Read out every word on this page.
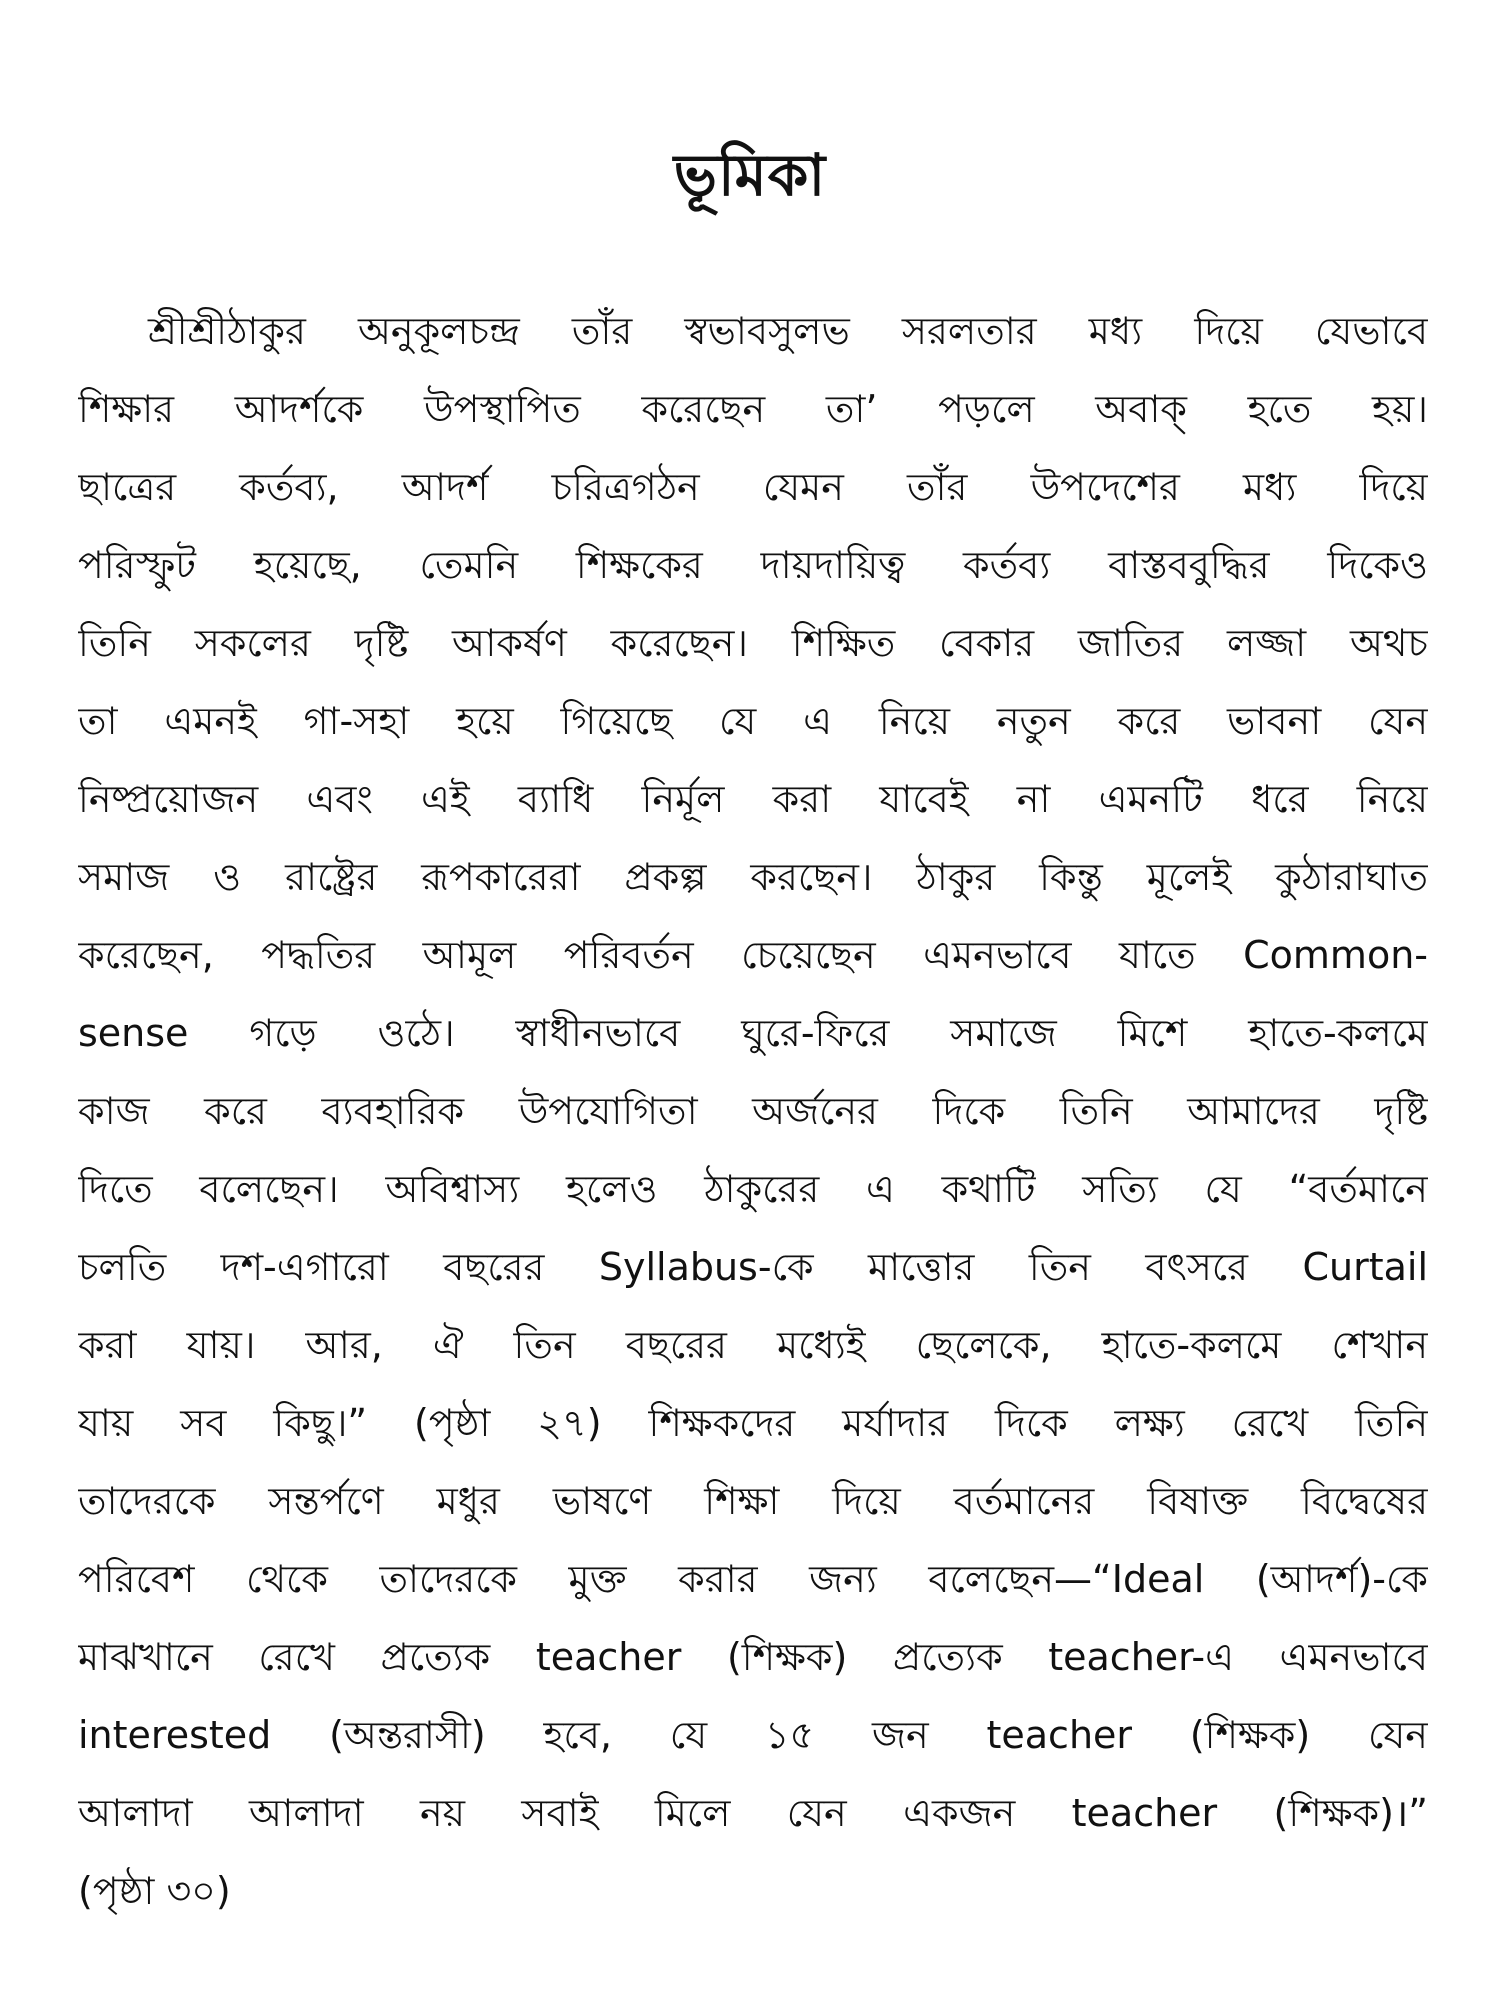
ভূমিকা
শ্রীশ্রীঠাকুর অনুকূলচন্দ্র তাঁর স্বভাবসুলভ সরলতার মধ্য দিয়ে যেভাবে
শিক্ষার আদর্শকে উপস্থাপিত করেছেন তা’ পড়লে অবাক্ হতে হয়।
ছাত্রের কর্তব্য, আদর্শ চরিত্রগঠন যেমন তাঁর উপদেশের মধ্য দিয়ে
পরিস্ফুট হয়েছে, তেমনি শিক্ষকের দায়দায়িত্ব কর্তব্য বাস্তববুদ্ধির দিকেও
তিনি সকলের দৃষ্টি আকর্ষণ করেছেন। শিক্ষিত বেকার জাতির লজ্জা অথচ
তা এমনই গা-সহা হয়ে গিয়েছে যে এ নিয়ে নতুন করে ভাবনা যেন
নিষ্প্রয়োজন এবং এই ব্যাধি নির্মূল করা যাবেই না এমনটি ধরে নিয়ে
সমাজ ও রাষ্ট্রের রূপকারেরা প্রকল্প করছেন। ঠাকুর কিন্তু মূলেই কুঠারাঘাত
করেছেন, পদ্ধতির আমূল পরিবর্তন চেয়েছেন এমনভাবে যাতে Common-
sense গড়ে ওঠে। স্বাধীনভাবে ঘুরে-ফিরে সমাজে মিশে হাতে-কলমে
কাজ করে ব্যবহারিক উপযোগিতা অর্জনের দিকে তিনি আমাদের দৃষ্টি
দিতে বলেছেন। অবিশ্বাস্য হলেও ঠাকুরের এ কথাটি সত্যি যে “বর্তমানে
চলতি দশ-এগারো বছরের Syllabus-কে মাত্তোর তিন বৎসরে Curtail
করা যায়। আর, ঐ তিন বছরের মধ্যেই ছেলেকে, হাতে-কলমে শেখান
যায় সব কিছু।” (পৃষ্ঠা ২৭) শিক্ষকদের মর্যাদার দিকে লক্ষ্য রেখে তিনি
তাদেরকে সন্তর্পণে মধুর ভাষণে শিক্ষা দিয়ে বর্তমানের বিষাক্ত বিদ্বেষের
পরিবেশ থেকে তাদেরকে মুক্ত করার জন্য বলেছেন—“Ideal (আদর্শ)-কে
মাঝখানে রেখে প্রত্যেক teacher (শিক্ষক) প্রত্যেক teacher-এ এমনভাবে
interested (অন্তরাসী) হবে, যে ১৫ জন teacher (শিক্ষক) যেন
আলাদা আলাদা নয় সবাই মিলে যেন একজন teacher (শিক্ষক)।”
(পৃষ্ঠা ৩০)
